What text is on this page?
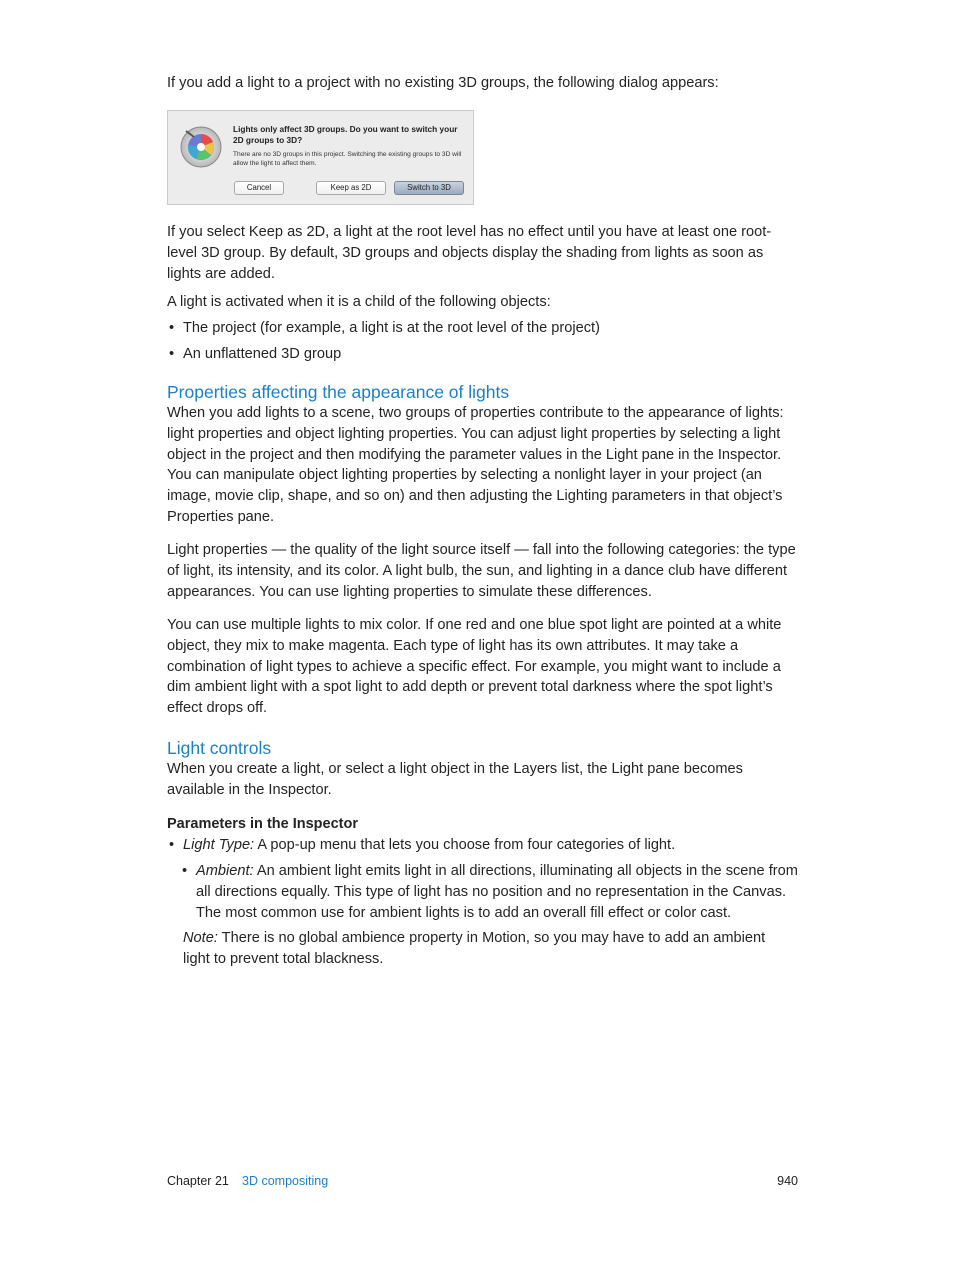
If you add a light to a project with no existing 3D groups, the following dialog appears:

Lights only affect 3D groups. Do you want to switch your 2D groups to 3D?
There are no 3D groups in this project. Switching the existing groups to 3D will allow the light to affect them.
Cancel	Keep as 2D	Switch to 3D

If you select Keep as 2D, a light at the root level has no effect until you have at least one root-level 3D group. By default, 3D groups and objects display the shading from lights as soon as lights are added.

A light is activated when it is a child of the following objects:

• The project (for example, a light is at the root level of the project)
• An unflattened 3D group
Properties affecting the appearance of lights

When you add lights to a scene, two groups of properties contribute to the appearance of lights: light properties and object lighting properties. You can adjust light properties by selecting a light object in the project and then modifying the parameter values in the Light pane in the Inspector. You can manipulate object lighting properties by selecting a nonlight layer in your project (an image, movie clip, shape, and so on) and then adjusting the Lighting parameters in that object’s Properties pane.

Light properties — the quality of the light source itself — fall into the following categories: the type of light, its intensity, and its color. A light bulb, the sun, and lighting in a dance club have different appearances. You can use lighting properties to simulate these differences.

You can use multiple lights to mix color. If one red and one blue spot light are pointed at a white object, they mix to make magenta. Each type of light has its own attributes. It may take a combination of light types to achieve a specific effect. For example, you might want to include a dim ambient light with a spot light to add depth or prevent total darkness where the spot light’s effect drops off.

Light controls

When you create a light, or select a light object in the Layers list, the Light pane becomes available in the Inspector.

Parameters in the Inspector
• Light Type: A pop-up menu that lets you choose from four categories of light.
• Ambient: An ambient light emits light in all directions, illuminating all objects in the scene from all directions equally. This type of light has no position and no representation in the Canvas. The most common use for ambient lights is to add an overall fill effect or color cast.

Note: There is no global ambience property in Motion, so you may have to add an ambient light to prevent total blackness.

Chapter 21 3D compositing	940
